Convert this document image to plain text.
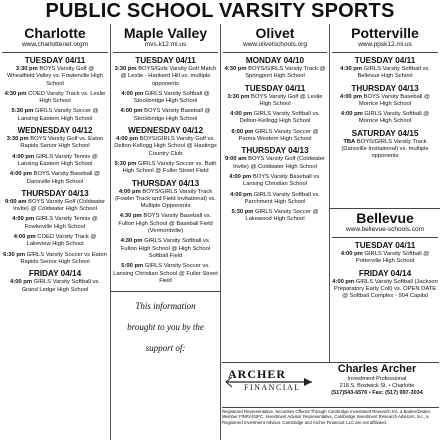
PUBLIC SCHOOL VARSITY SPORTS
Charlotte
www.charlottenet.orgm
TUESDAY 04/11
3:30 pm BOYS Varsity Golf @ Wheatfield Valley vs. Fowlerville High School
4:30 pm COED Varsity Track vs. Leslie High School
5:30 pm GIRLS Varsity Soccer @ Lansing Eastern High School
WEDNESDAY 04/12
3:30 pm BOYS Varsity Golf vs. Eaton Rapids Senior High School
4:00 pm GIRLS Varsity Tennis @ Lansing Eastern High School
4:00 pm BOYS Varsity Baseball @ Dansville High School
THURSDAY 04/13
9:00 am BOYS Varsity Golf (Coldwater Invite) @ Coldwater High School
4:00 pm GIRLS Varsity Tennis @ Fowlerville High School
4:00 pm COED Varsity Track @ Lakeview High School
6:30 pm GIRLS Varsity Soccer vs Eaton Rapids Senior High School
FRIDAY 04/14
4:00 pm GIRLS Varsity Softball vs. Grand Ledge High School
Maple Valley
mvs.k12.mi.us
TUESDAY 04/11
3:30 pm BOYS/Girls Varsity Golf Match @ Leslie - Hankerd Hill vs. multiple opponents
4:00 pm GIRLS Varsity Softball @ Stockbridge High School
4:00 pm BOYS Varsity Baseball @ Stockbridge High School
WEDNESDAY 04/12
4:00 pm BOYS/GIRLS Varsity Golf vs. Delton-Kellogg High School @ Hastings Country Club
5:30 pm GIRLS Varsity Soccer vs. Bath High School @ Fuller Street Field
THURSDAY 04/13
4:00 pm BOYS/GIRLS Varsity Track (Fowler Track and Field Invitational) vs. Multiple Opponents
4:30 pm BOYS Varsity Baseball vs. Fulton High School @ Baseball Field (Vermontville)
4:30 pm GIRLS Varsity Softball vs. Fulton High School @ High School Softball Field
5:00 pm GIRLS Varsity Soccer vs. Lansing Christian School @ Fuller Street Field
This information
brought to you by the
support of:
Olivet
www.olivetschools.org
MONDAY 04/10
4:30 pm BOYS/GIRLS Varsity Track @ Springport High School
TUESDAY 04/11
3:30 pm BOYS Varsity Golf @ Leslie High School
4:00 pm GIRLS Varsity Softball vs. Delton-Kellogg High School
6:00 pm GIRLS Varsity Soccer @ Parma Western High School
THURSDAY 04/13
9:00 am BOYS Varsity Golf (Coldwater Invite) @ Coldwater High School
4:00 pm BOYS Varsity Baseball vs. Lansing Christian School
4:00 pm GIRLS Varsity Softball vs. Parchment High School
5:30 pm GIRLS Varsity Soccer @ Lakewood High School
Potterville
www.ppsk12.mi.us
TUESDAY 04/11
4:30 pm GIRLS Varsity Softball vs. Bellevue High School
THURSDAY 04/13
4:00 pm BOYS Varsity Baseball @ Morrice High School
4:00 pm GIRLS Varsity Softball @ Morrice High School
SATURDAY 04/15
TBA BOYS/GIRLS Varsity Track (Dansville Invitational) vs. multiple opponents
Bellevue
www.bellevue-schools.com
TUESDAY 04/11
4:00 pm GIRLS Varsity Softball @ Potterville High School
FRIDAY 04/14
4:00 pm GIRLS Varsity Softball (Jackson Preparatory Early Coll) vs. OPEN DATE @ Softball Complex - 904 Capital
ARCHER
FINANCIAL
Charles Archer
Investment Professional
218 S. Bostwick St. • Charlotte
(517)543-6570 • Fax: (517) 997-3034
Registered Representative, Securities Offered Through Cambridge Investment Research Inc. a Broker/Dealer, Member FINRA/SIPC. Investment Advisor Representative, Cambridge Investment Research Advisors, Inc., a Registered Investment Advisor. Cambridge and Archer Financial, LLC are not affiliated.
